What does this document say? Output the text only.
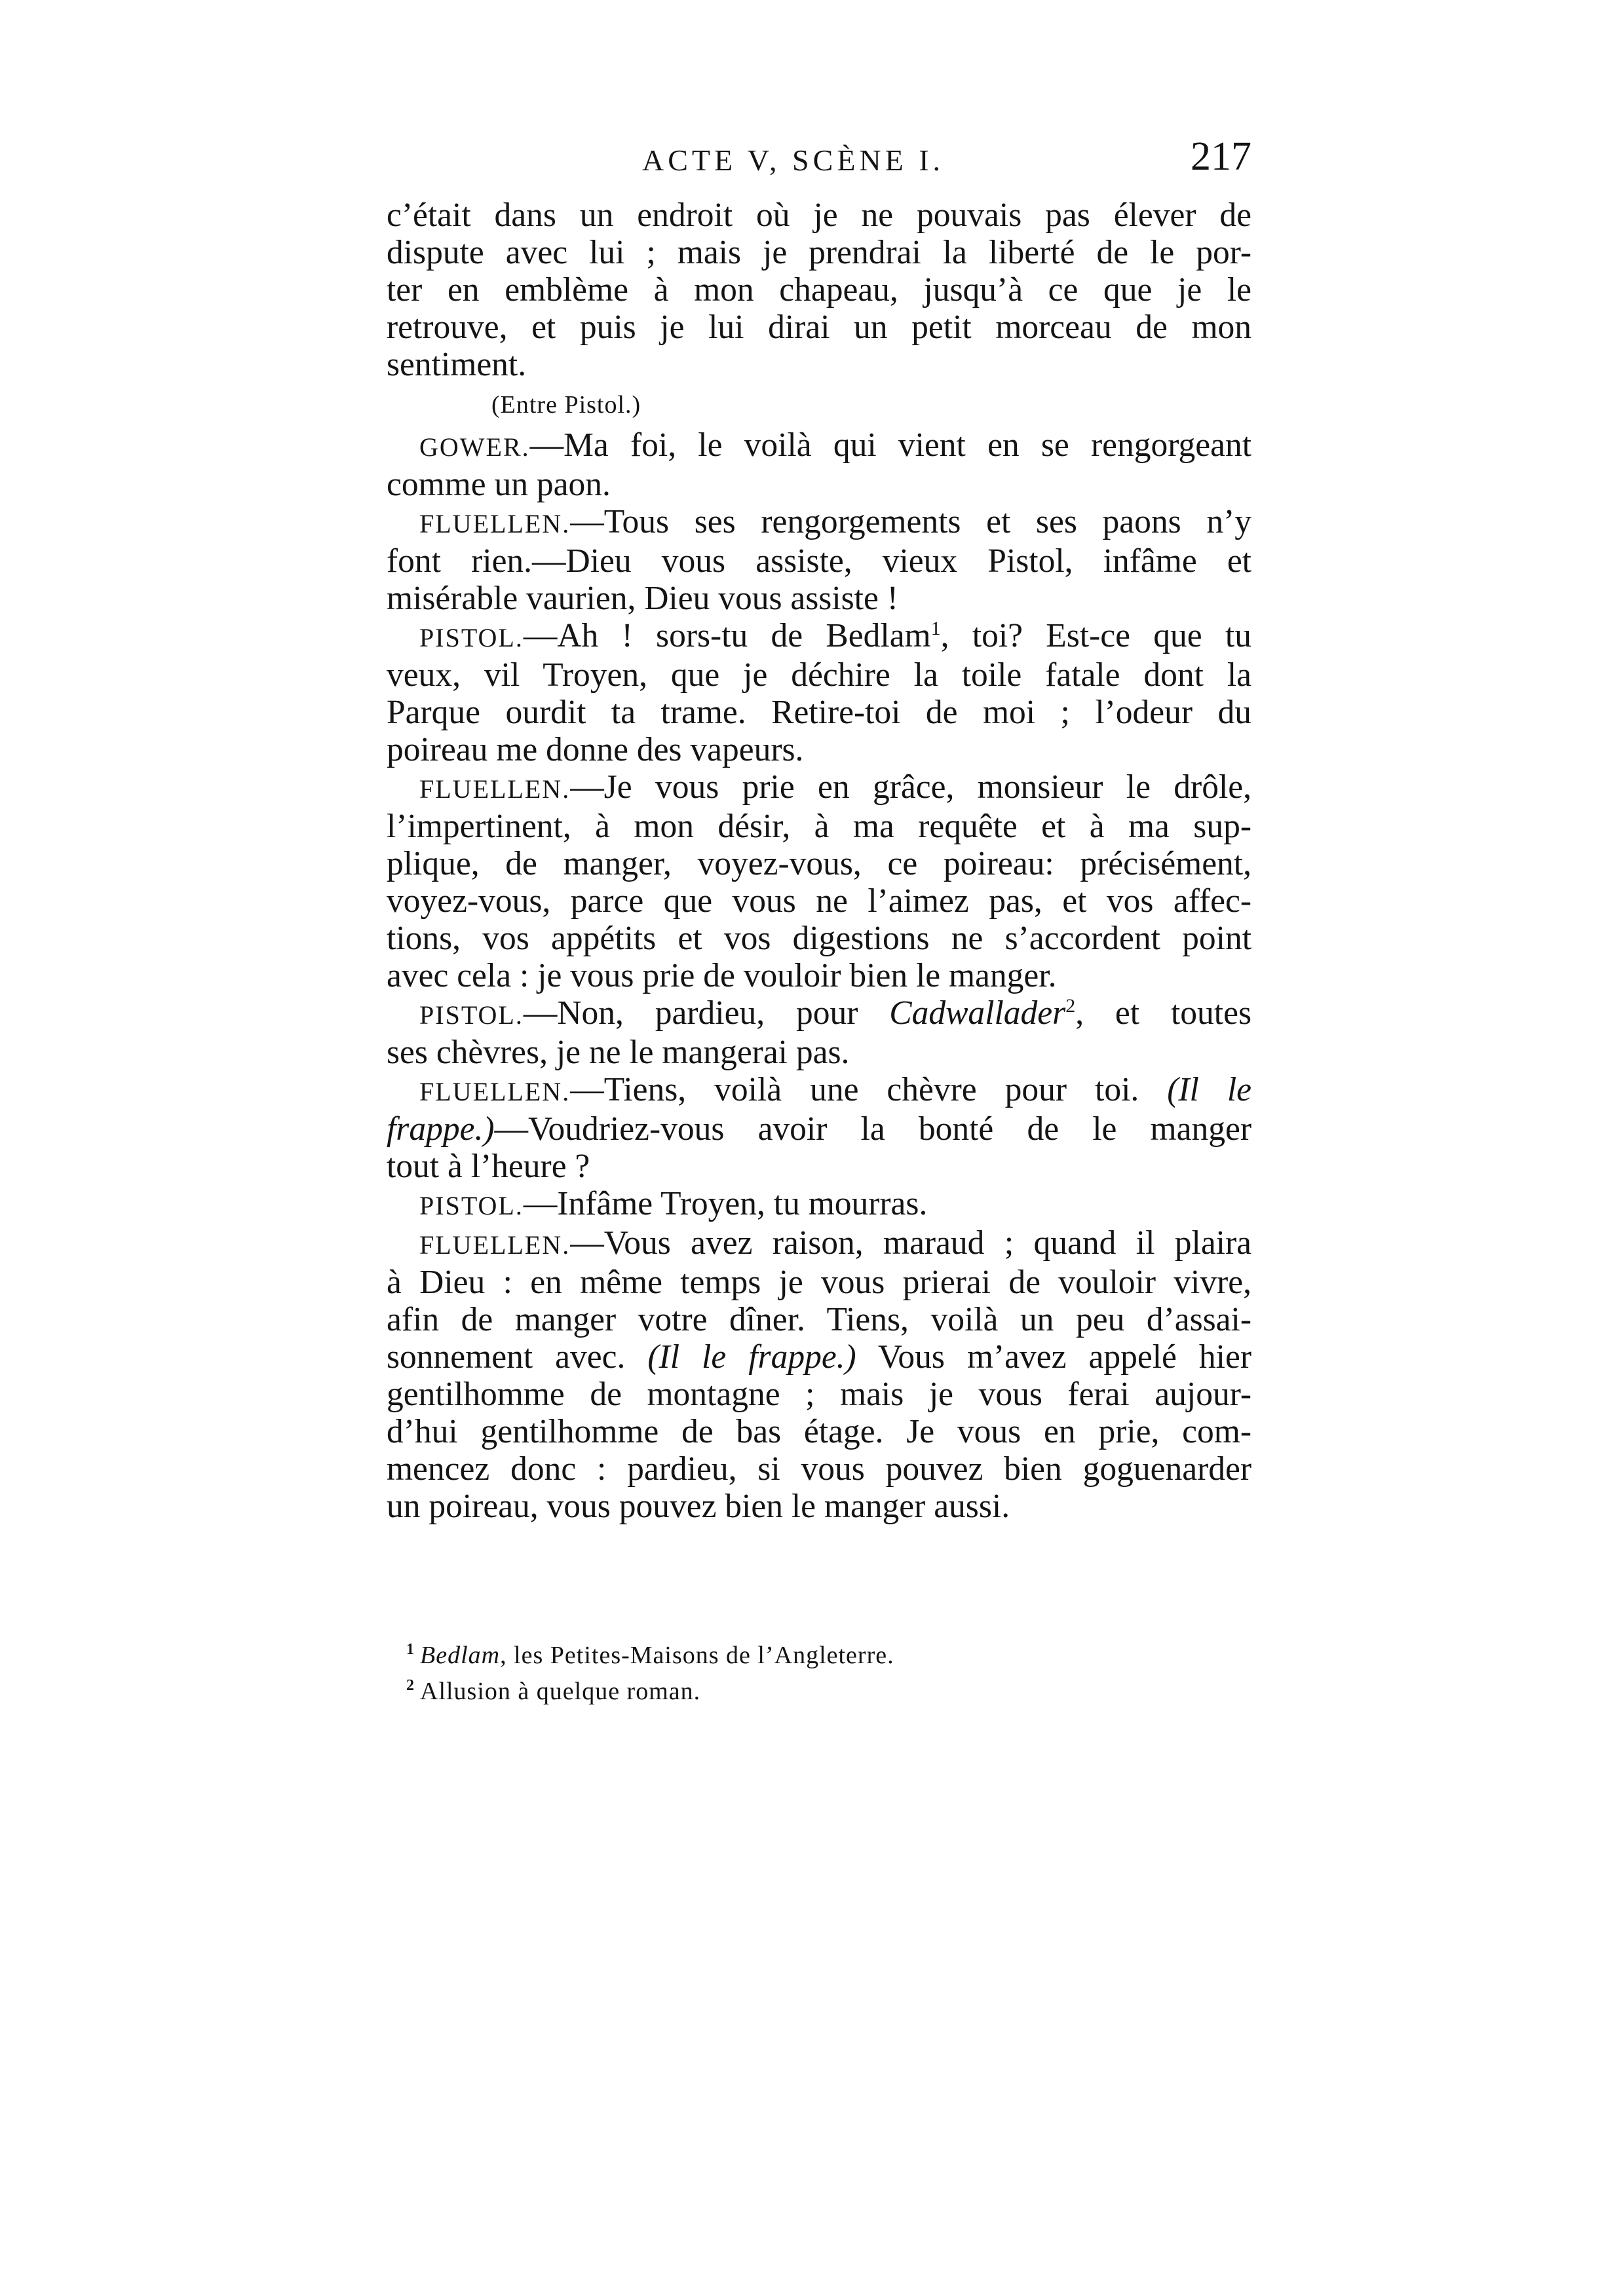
ACTE V, SCÈNE I.	217

c’était dans un endroit où je ne pouvais pas élever de
dispute avec lui ; mais je prendrai la liberté de le por-
ter en emblème à mon chapeau, jusqu’à ce que je le
retrouve, et puis je lui dirai un petit morceau de mon
sentiment.

(Entre Pistol.)

GOWER.—Ma foi, le voilà qui vient en se rengorgeant
comme un paon.

FLUELLEN.—Tous ses rengorgements et ses paons n’y
font rien.—Dieu vous assiste, vieux Pistol, infâme et
misérable vaurien, Dieu vous assiste !

PISTOL.—Ah ! sors-tu de Bedlam$^1$, toi? Est-ce que tu
veux, vil Troyen, que je déchire la toile fatale dont la
Parque ourdit ta trame. Retire-toi de moi ; l’odeur du
poireau me donne des vapeurs.

FLUELLEN.—Je vous prie en grâce, monsieur le drôle,
l’impertinent, à mon désir, à ma requête et à ma sup-
plique, de manger, voyez-vous, ce poireau: précisément,
voyez-vous, parce que vous ne l’aimez pas, et vos affec-
tions, vos appétits et vos digestions ne s’accordent point
avec cela : je vous prie de vouloir bien le manger.

PISTOL.—Non, pardieu, pour Cadwallader$^2$, et toutes
ses chèvres, je ne le mangerai pas.

FLUELLEN.—Tiens, voilà une chèvre pour toi. (Il le
frappe.)—Voudriez-vous avoir la bonté de le manger
tout à l’heure ?

PISTOL.—Infâme Troyen, tu mourras.

FLUELLEN.—Vous avez raison, maraud ; quand il plaira
à Dieu : en même temps je vous prierai de vouloir vivre,
afin de manger votre dîner. Tiens, voilà un peu d’assai-
sonnement avec. (Il le frappe.) Vous m’avez appelé hier
gentilhomme de montagne ; mais je vous ferai aujour-
d’hui gentilhomme de bas étage. Je vous en prie, com-
mencez donc : pardieu, si vous pouvez bien goguenarder
un poireau, vous pouvez bien le manger aussi.

$^1$ Bedlam, les Petites-Maisons de l’Angleterre.

$^2$ Allusion à quelque roman.
